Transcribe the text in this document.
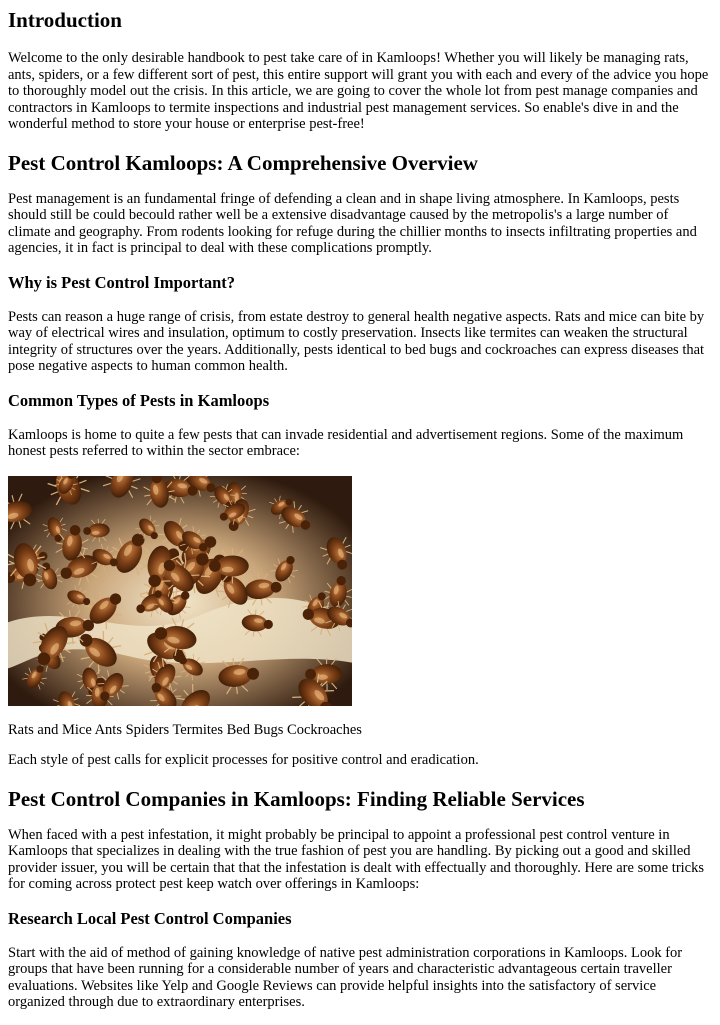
Introduction

Welcome to the only desirable handbook to pest take care of in Kamloops! Whether you will likely be managing rats, ants, spiders, or a few different sort of pest, this entire support will grant you with each and every of the advice you hope to thoroughly model out the crisis. In this article, we are going to cover the whole lot from pest manage companies and contractors in Kamloops to termite inspections and industrial pest management services. So enable's dive in and the wonderful method to store your house or enterprise pest-free!

Pest Control Kamloops: A Comprehensive Overview

Pest management is an fundamental fringe of defending a clean and in shape living atmosphere. In Kamloops, pests should still be could becould rather well be a extensive disadvantage caused by the metropolis's a large number of climate and geography. From rodents looking for refuge during the chillier months to insects infiltrating properties and agencies, it in fact is principal to deal with these complications promptly.

Why is Pest Control Important?

Pests can reason a huge range of crisis, from estate destroy to general health negative aspects. Rats and mice can bite by way of electrical wires and insulation, optimum to costly preservation. Insects like termites can weaken the structural integrity of structures over the years. Additionally, pests identical to bed bugs and cockroaches can express diseases that pose negative aspects to human common health.

Common Types of Pests in Kamloops

Kamloops is home to quite a few pests that can invade residential and advertisement regions. Some of the maximum honest pests referred to within the sector embrace:

Rats and Mice Ants Spiders Termites Bed Bugs Cockroaches

Each style of pest calls for explicit processes for positive control and eradication.

Pest Control Companies in Kamloops: Finding Reliable Services

When faced with a pest infestation, it might probably be principal to appoint a professional pest control venture in Kamloops that specializes in dealing with the true fashion of pest you are handling. By picking out a good and skilled provider issuer, you will be certain that that the infestation is dealt with effectually and thoroughly. Here are some tricks for coming across protect pest keep watch over offerings in Kamloops:

Research Local Pest Control Companies

Start with the aid of method of gaining knowledge of native pest administration corporations in Kamloops. Look for groups that have been running for a considerable number of years and characteristic advantageous certain traveller evaluations. Websites like Yelp and Google Reviews can provide helpful insights into the satisfactory of service organized through due to extraordinary enterprises.
